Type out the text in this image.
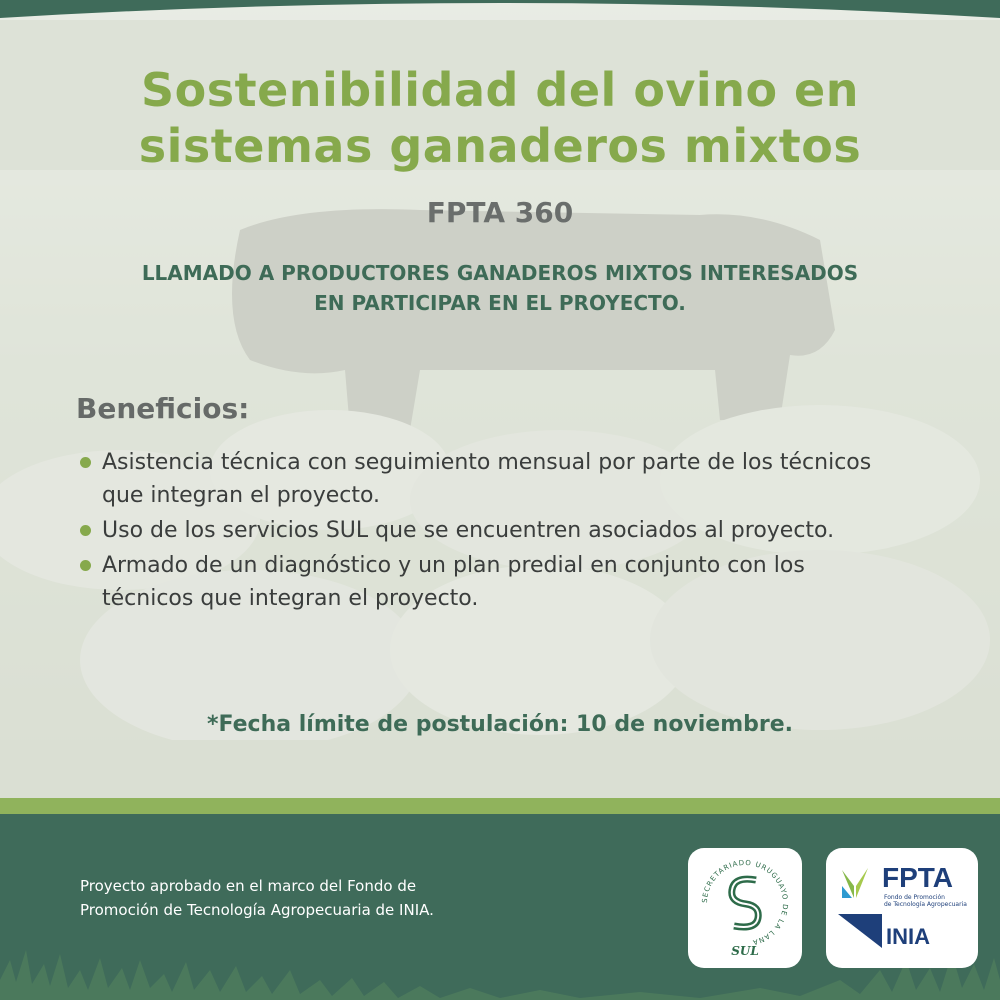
Sostenibilidad del ovino en
sistemas ganaderos mixtos
FPTA 360
LLAMADO A PRODUCTORES GANADEROS MIXTOS INTERESADOS
EN PARTICIPAR EN EL PROYECTO.
Beneficios:
Asistencia técnica con seguimiento mensual por parte de los técnicos
que integran el proyecto.
Uso de los servicios SUL que se encuentren asociados al proyecto.
Armado de un diagnóstico y un plan predial en conjunto con los
técnicos que integran el proyecto.
*Fecha límite de postulación: 10 de noviembre.
Proyecto aprobado en el marco del Fondo de
Promoción de Tecnología Agropecuaria de INIA.
SECRETARIADO URUGUAYO DE LA LANA
SUL
FPTA
Fondo de Promoción
de Tecnología Agropecuaria
INIA
